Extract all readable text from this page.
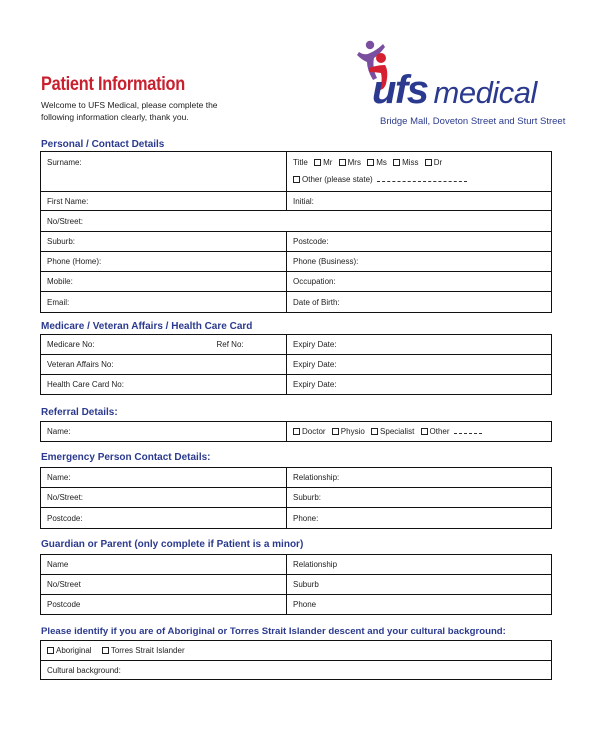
Patient Information
Welcome to UFS Medical, please complete the
following information clearly, thank you.
ufs medical
Bridge Mall, Doveton Street and Sturt Street
Personal / Contact Details
Surname:	Title Mr Mrs Ms Miss Dr
Other (please state)

First Name:	Initial:
No/Street:	
Suburb:	Postcode:
Phone (Home):	Phone (Business):
Mobile:	Occupation:
Email:	Date of Birth:
Medicare / Veteran Affairs / Health Care Card
Medicare No: Ref No:	Expiry Date:
Veteran Affairs No:	Expiry Date:
Health Care Card No:	Expiry Date:
Referral Details:
Name:	Doctor Physio Specialist Other
Emergency Person Contact Details:
Name:	Relationship:
No/Street:	Suburb:
Postcode:	Phone:
Guardian or Parent (only complete if Patient is a minor)
Name	Relationship
No/Street	Suburb
Postcode	Phone
Please identify if you are of Aboriginal or Torres Strait Islander descent and your cultural background:
Aboriginal Torres Strait Islander
Cultural background:
